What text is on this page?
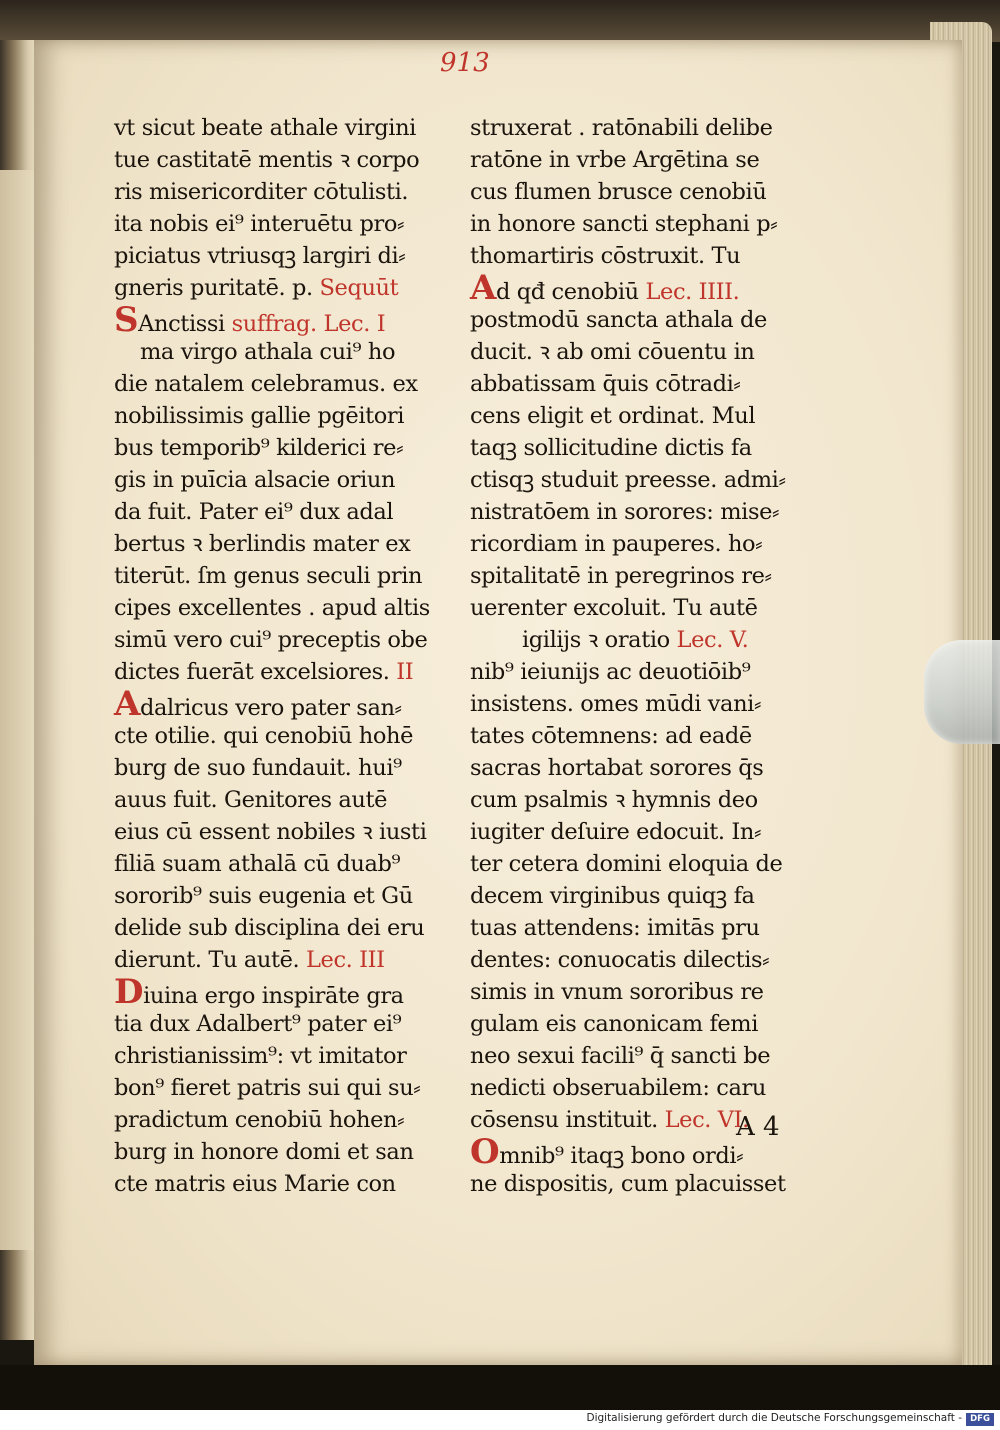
913
vt sicut beate athale virgini
tue castitatē mentis ꝛ corpo
ris misericorditer cōtulisti.
ita nobis ei⁹ interuētu pro⸗
piciatus vtriusqꝫ largiri di⸗
gneris puritatē. p. Sequūt
SAnctissi suffrag. Lec. I
ma virgo athala cui⁹ ho
die natalem celebramus. ex
nobilissimis gallie pgēitori
bus temporib⁹ kilderici re⸗
gis in puīcia alsacie oriun
da fuit. Pater ei⁹ dux adal
bertus ꝛ berlindis mater ex
titerūt. ſm genus seculi prin
cipes excellentes . apud altis
simū vero cui⁹ preceptis obe
dictes fuerāt excelsiores. II
Adalricus vero pater san⸗
cte otilie. qui cenobiū hohē
burg de suo fundauit. hui⁹
auus fuit. Genitores autē
eius cū essent nobiles ꝛ iusti
filiā suam athalā cū duab⁹
sororib⁹ suis eugenia et Gū
delide sub disciplina dei eru
dierunt. Tu autē. Lec. III
Diuina ergo inspirāte gra
tia dux Adalbert⁹ pater ei⁹
christianissim⁹: vt imitator
bon⁹ fieret patris sui qui su⸗
pradictum cenobiū hohen⸗
burg in honore domi et san
cte matris eius Marie con
struxerat . ratōnabili delibe
ratōne in vrbe Argētina se
cus flumen brusce cenobiū
in honore sancti stephani p⸗
thomartiris cōstruxit. Tu
Ad qđ cenobiū Lec. IIII.
postmodū sancta athala de
ducit. ꝛ ab omi cōuentu in
abbatissam q̄uis cōtradi⸗
cens eligit et ordinat. Mul
taqꝫ sollicitudine dictis fa
ctisqꝫ studuit preesse. admi⸗
nistratōem in sorores: mise⸗
ricordiam in pauperes. ho⸗
spitalitatē in peregrinos re⸗
uerenter excoluit. Tu autē
igilijs ꝛ oratio Lec. V.
nib⁹ ieiunijs ac deuotiōib⁹
insistens. omes mūdi vani⸗
tates cōtemnens: ad eadē
sacras hortabat sorores q̄s
cum psalmis ꝛ hymnis deo
iugiter deſuire edocuit. In⸗
ter cetera domini eloquia de
decem virginibus quiqꝫ fa
tuas attendens: imitās pru
dentes: conuocatis dilectis⸗
simis in vnum sororibus re
gulam eis canonicam femi
neo sexui facili⁹ q̄ sancti be
nedicti obseruabilem: caru
cōsensu instituit. Lec. VI.
Omnib⁹ itaqꝫ bono ordi⸗
ne dispositis, cum placuisset
A 4
Digitalisierung gefördert durch die Deutsche Forschungsgemeinschaft - DFG
